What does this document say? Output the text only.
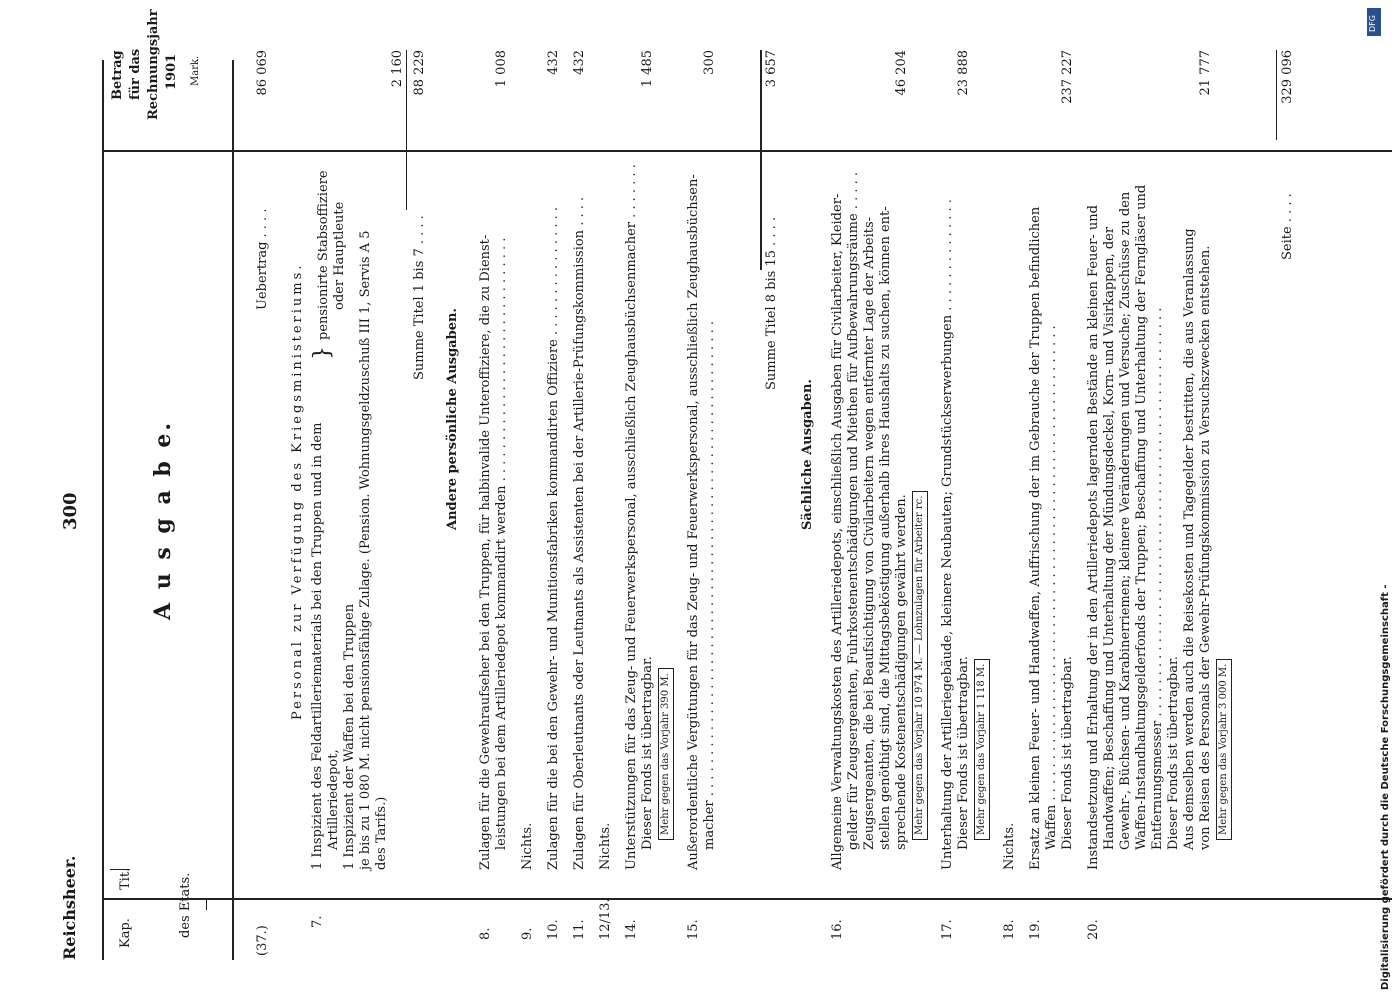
Reichsheer.
300
Kap.
Tit.	des Etats.
A u s g a b e.
Betrag für das Rechnungsjahr 1901 Mark.
(37.)
Uebertrag . . . .
86 069
Personal zur Verfügung des Kriegsministeriums.
7.
1 Inspizient des Feldartilleriematerials bei den Truppen und in dem Artilleriedepot, 1 Inspizient der Waffen bei den Truppen
}
pensionirte Stabsoffiziere oder Hauptleute je bis zu 1 080 M. nicht pensionsfähige Zulage. (Pension. Wohnungsgeldzuschuß III 1, Servis A 5 des Tarifs.)
2 160
Summe Titel 1 bis 7 . . . .
88 229
Andere persönliche Ausgaben.
Summe Titel 8 bis 15 . . . .
3 657
Sächliche Ausgaben.
Seite . . . .
329 096
8.
Zulagen für die Gewehraufseher bei den Truppen, für halbinvalide Unteroffiziere, die zu Dienst- leistungen bei dem Artilleriedepot kommandirt werden . . . . . . . . . . . . . . . . . . . . . . . . . . . . . .
1 008
9.
Nichts.
10.
Zulagen für die bei den Gewehr- und Munitionsfabriken kommandirten Offiziere . . . . . . . . . . . . . . . .
432
11.
Zulagen für Oberleutnants oder Leutnants als Assistenten bei der Artillerie-Prüfungskommission . . . .
432
12/13.
Nichts.
14.
Unterstützungen für das Zeug- und Feuerwerkspersonal, ausschließlich Zeughausbüchsenmacher . . . . . . . Dieser Fonds ist übertragbar.
1 485
Mehr gegen das Vorjahr 390 M.
15.
Außerordentliche Vergütungen für das Zeug- und Feuerwerkspersonal, ausschließlich Zeughausbüchsen- macher . . . . . . . . . . . . . . . . . . . . . . . . . . . . . . . . . . . . . . . . . . . . . . . . . . . . . . . . . .
300
16.
Allgemeine Verwaltungskosten des Artilleriedepots, einschließlich Ausgaben für Civilarbeiter, Kleider- gelder für Zeugsergeanten, Fuhrkostenentschädigungen und Miethen für Aufbewahrungsräume . . . . . Zeugsergeanten, die bei Beaufsichtigung von Civilarbeitern wegen entfernter Lage der Arbeits- stellen genöthigt sind, die Mittagsbeköstigung außerhalb ihres Haushalts zu suchen, können ent- sprechende Kostenentschädigungen gewährt werden.
46 204
Mehr gegen das Vorjahr 10 974 M. — Lohnzulagen für Arbeiter rc.
17.
Unterhaltung der Artilleriegebäude, kleinere Neubauten; Grundstückserwerbungen . . . . . . . . . . . . . . Dieser Fonds ist übertragbar.
23 888
Mehr gegen das Vorjahr 1 118 M.
18.
Nichts.
19.
Ersatz an kleinen Feuer- und Handwaffen, Auffrischung der im Gebrauche der Truppen befindlichen Waffen . . . . . . . . . . . . . . . . . . . . . . . . . . . . . . . . . . . . . . . . . . . . . . . . . . . . . . . . . . Dieser Fonds ist übertragbar.
237 227
20.
Instandsetzung und Erhaltung der in den Artilleriedepots lagernden Bestände an kleinen Feuer- und Handwaffen; Beschaffung und Unterhaltung der Mündungsdeckel, Korn- und Visirkappen, der Gewehr-, Büchsen- und Karabinerriemen; kleinere Veränderungen und Versuche; Zuschüsse zu den Waffen-Instandhaltungsgelderfonds der Truppen; Beschaffung und Unterhaltung der Ferngläser und Entfernungsmesser . . . . . . . . . . . . . . . . . . . . . . . . . . . . . . . . . . . . . . . . . . . . . . . . . . Dieser Fonds ist übertragbar. Aus demselben werden auch die Reisekosten und Tagegelder bestritten, die aus Veranlassung von Reisen des Personals der Gewehr-Prüfungskommission zu Versuchszwecken entstehen.
21 777
Mehr gegen das Vorjahr 3 000 M.	Digitalisierung gefördert durch die Deutsche Forschungsgemeinschaft -
DFG
